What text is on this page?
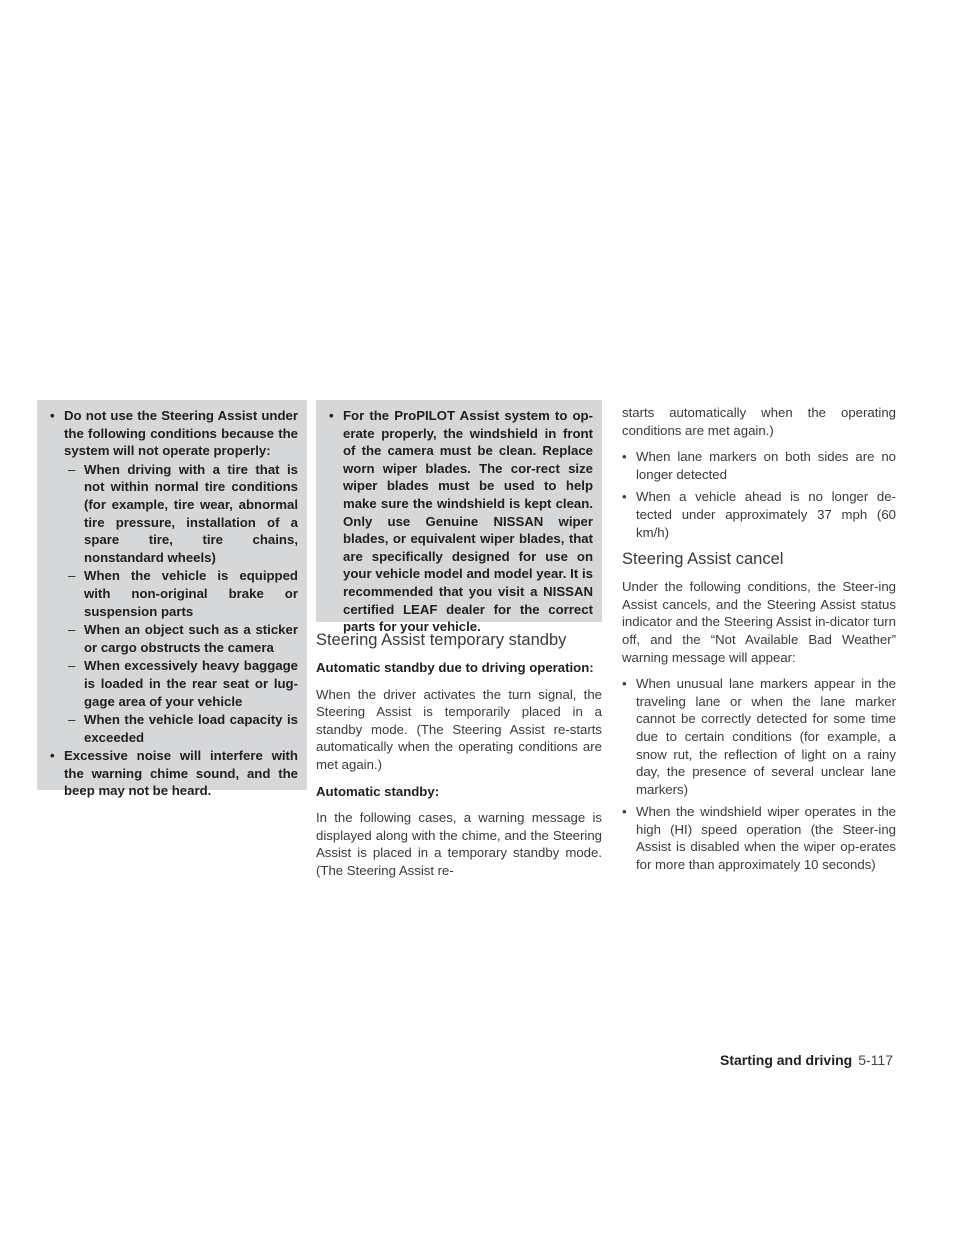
• Do not use the Steering Assist under the following conditions because the system will not operate properly:

– When driving with a tire that is not within normal tire conditions (for example, tire wear, abnormal tire pressure, installation of a spare tire, tire chains, nonstandard wheels)

– When the vehicle is equipped with non-original brake or suspension parts

– When an object such as a sticker or cargo obstructs the camera

– When excessively heavy baggage is loaded in the rear seat or lug-gage area of your vehicle

– When the vehicle load capacity is exceeded

• Excessive noise will interfere with the warning chime sound, and the beep may not be heard.

• For the ProPILOT Assist system to op-erate properly, the windshield in front of the camera must be clean. Replace worn wiper blades. The cor-rect size wiper blades must be used to help make sure the windshield is kept clean. Only use Genuine NISSAN wiper blades, or equivalent wiper blades, that are specifically designed for use on your vehicle model and model year. It is recommended that you visit a NISSAN certified LEAF dealer for the correct parts for your vehicle.

Steering Assist temporary standby

Automatic standby due to driving operation:

When the driver activates the turn signal, the Steering Assist is temporarily placed in a standby mode. (The Steering Assist re-starts automatically when the operating conditions are met again.)

Automatic standby:

In the following cases, a warning message is displayed along with the chime, and the Steering Assist is placed in a temporary standby mode. (The Steering Assist re-

starts automatically when the operating conditions are met again.)

• When lane markers on both sides are no longer detected

• When a vehicle ahead is no longer de-tected under approximately 37 mph (60 km/h)

Steering Assist cancel

Under the following conditions, the Steer-ing Assist cancels, and the Steering Assist status indicator and the Steering Assist in-dicator turn off, and the “Not Available Bad Weather” warning message will appear:

• When unusual lane markers appear in the traveling lane or when the lane marker cannot be correctly detected for some time due to certain conditions (for example, a snow rut, the reflection of light on a rainy day, the presence of several unclear lane markers)

• When the windshield wiper operates in the high (HI) speed operation (the Steer-ing Assist is disabled when the wiper op-erates for more than approximately 10 seconds)

Starting and driving 5-117
